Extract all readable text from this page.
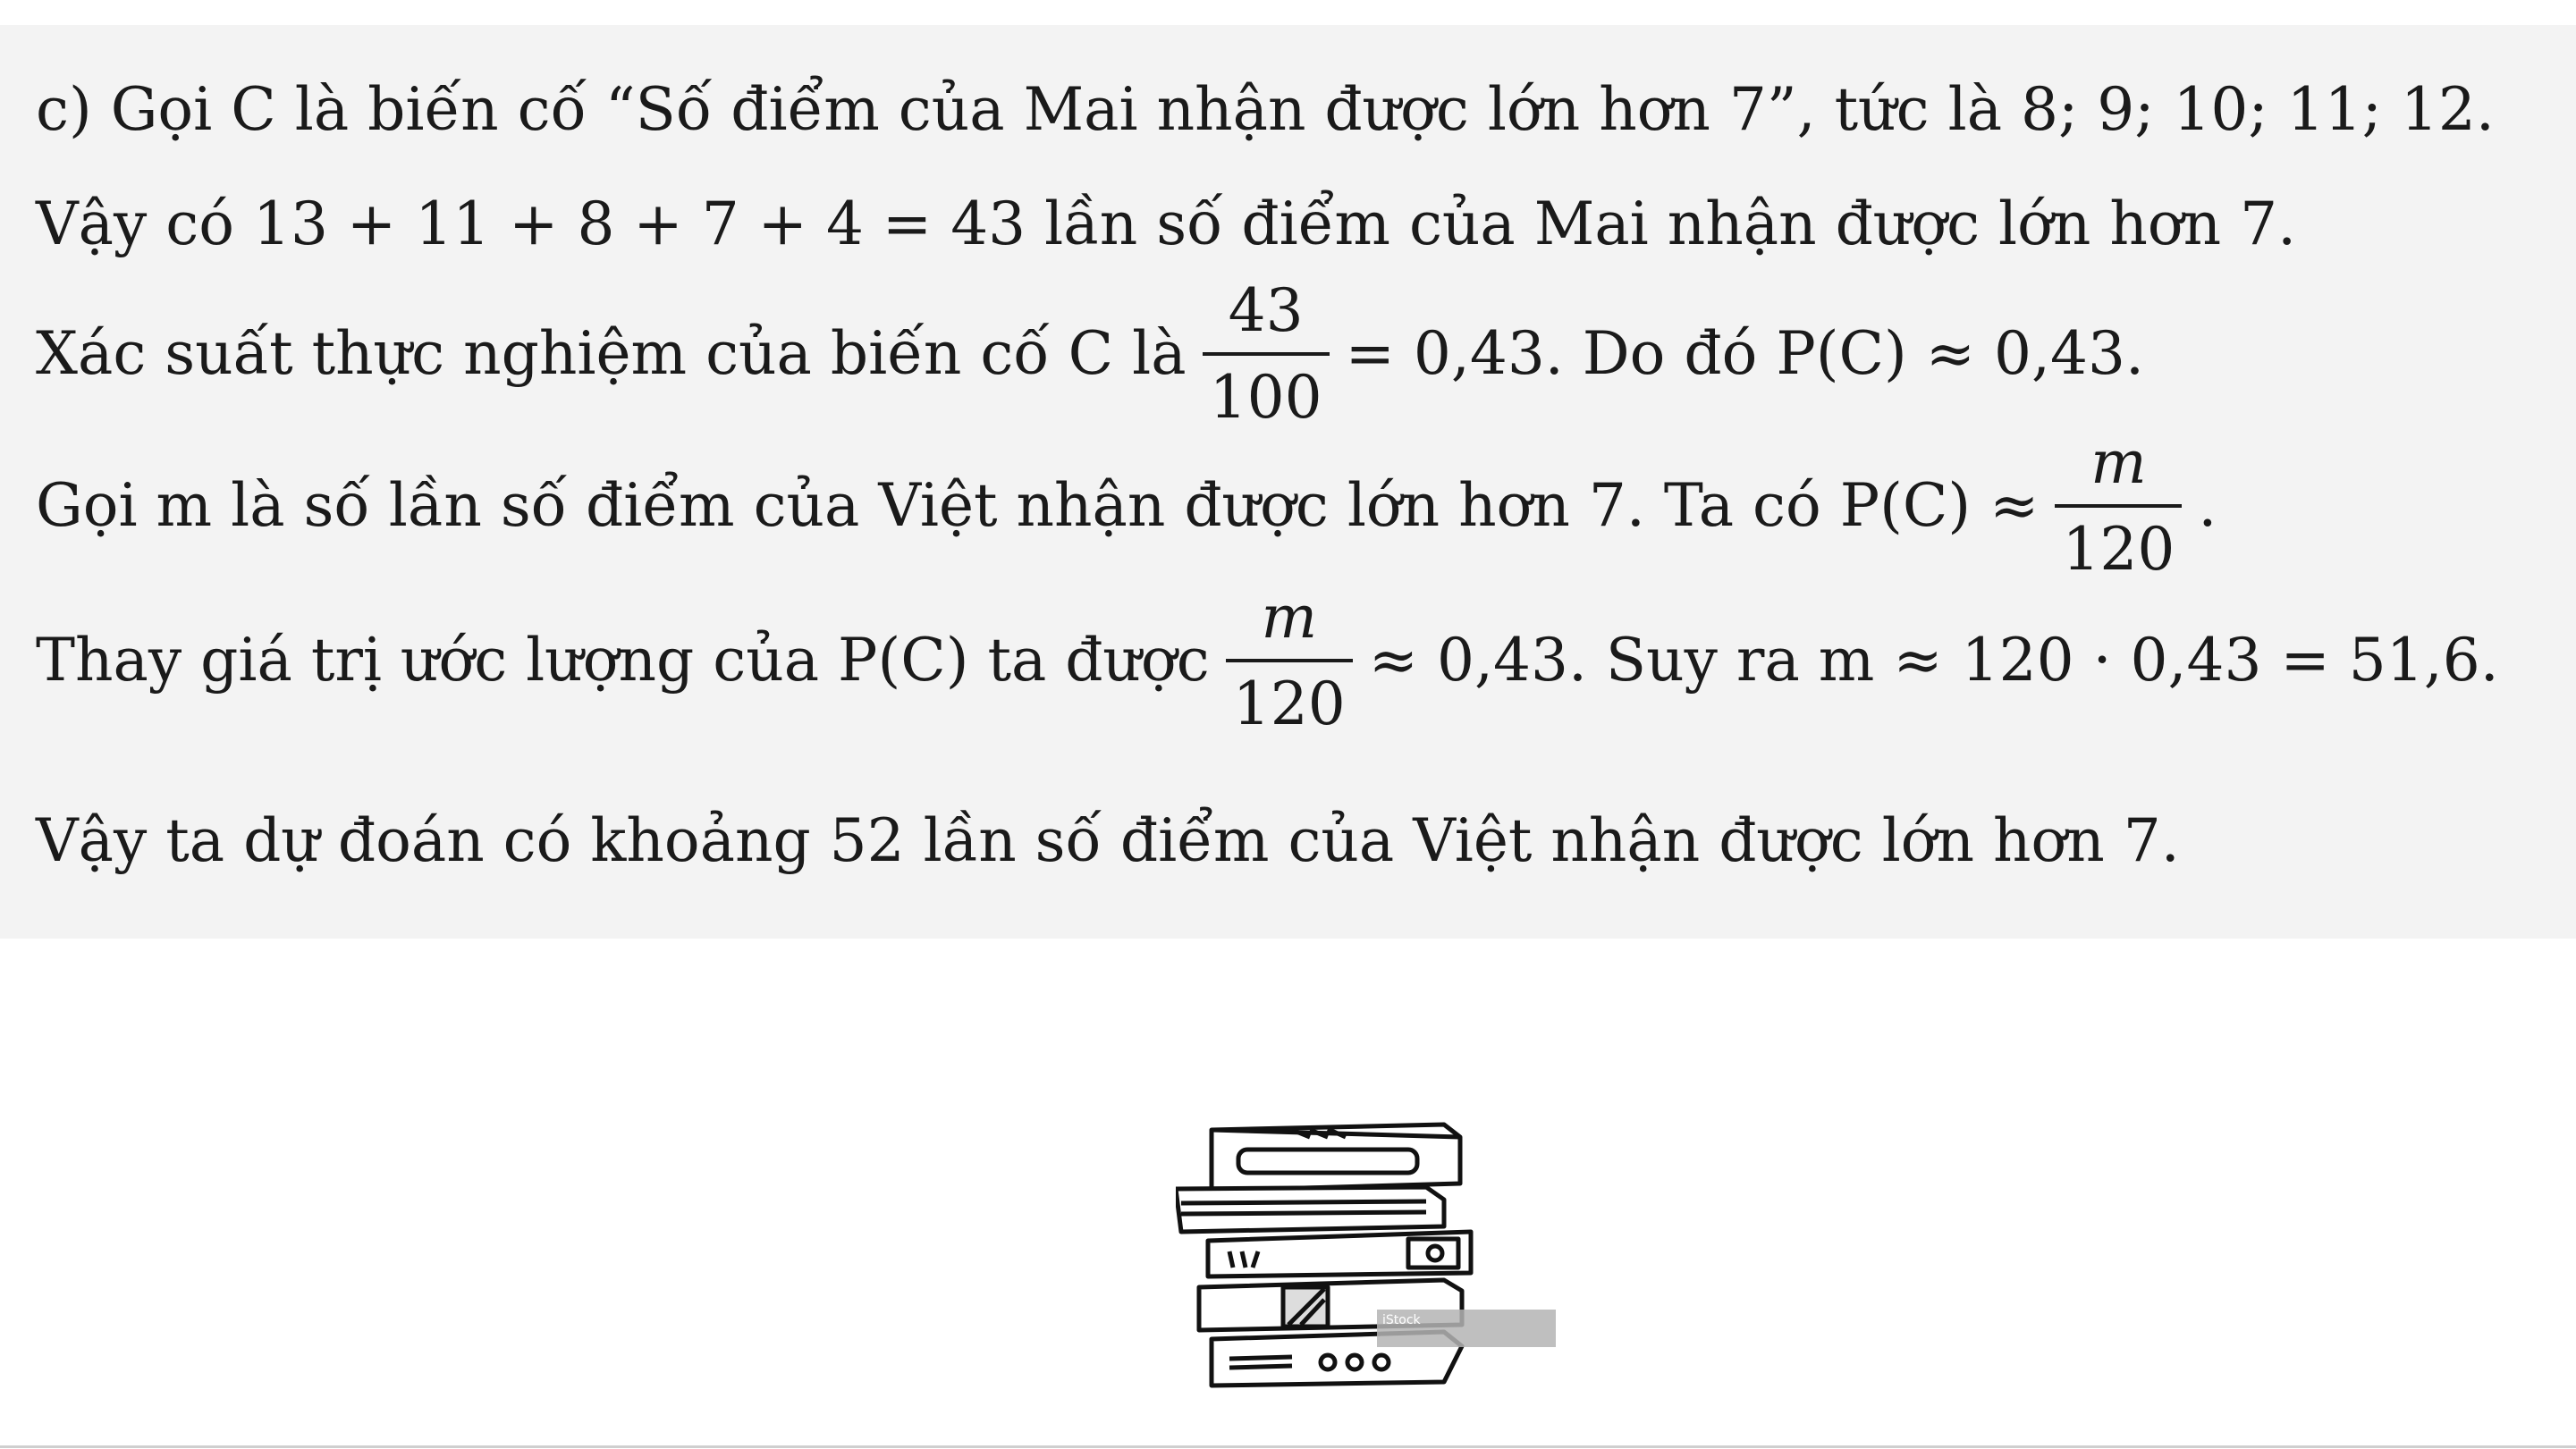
c) Gọi C là biến cố “Số điểm của Mai nhận được lớn hơn 7”, tức là 8; 9; 10; 11; 12.
Vậy có 13 + 11 + 8 + 7 + 4 = 43 lần số điểm của Mai nhận được lớn hơn 7.
Xác suất thực nghiệm của biến cố C là $\frac{43}{100} = 0,43$. Do đó P(C) ≈ 0,43.
Gọi m là số lần số điểm của Việt nhận được lớn hơn 7. Ta có $P(C) \approx \frac{m}{120}$ .
Thay giá trị ước lượng của P(C) ta được $\frac{m}{120} \approx 0,43$. Suy ra m ≈ 120 · 0,43 = 51,6.
Vậy ta dự đoán có khoảng 52 lần số điểm của Việt nhận được lớn hơn 7.
iStock
